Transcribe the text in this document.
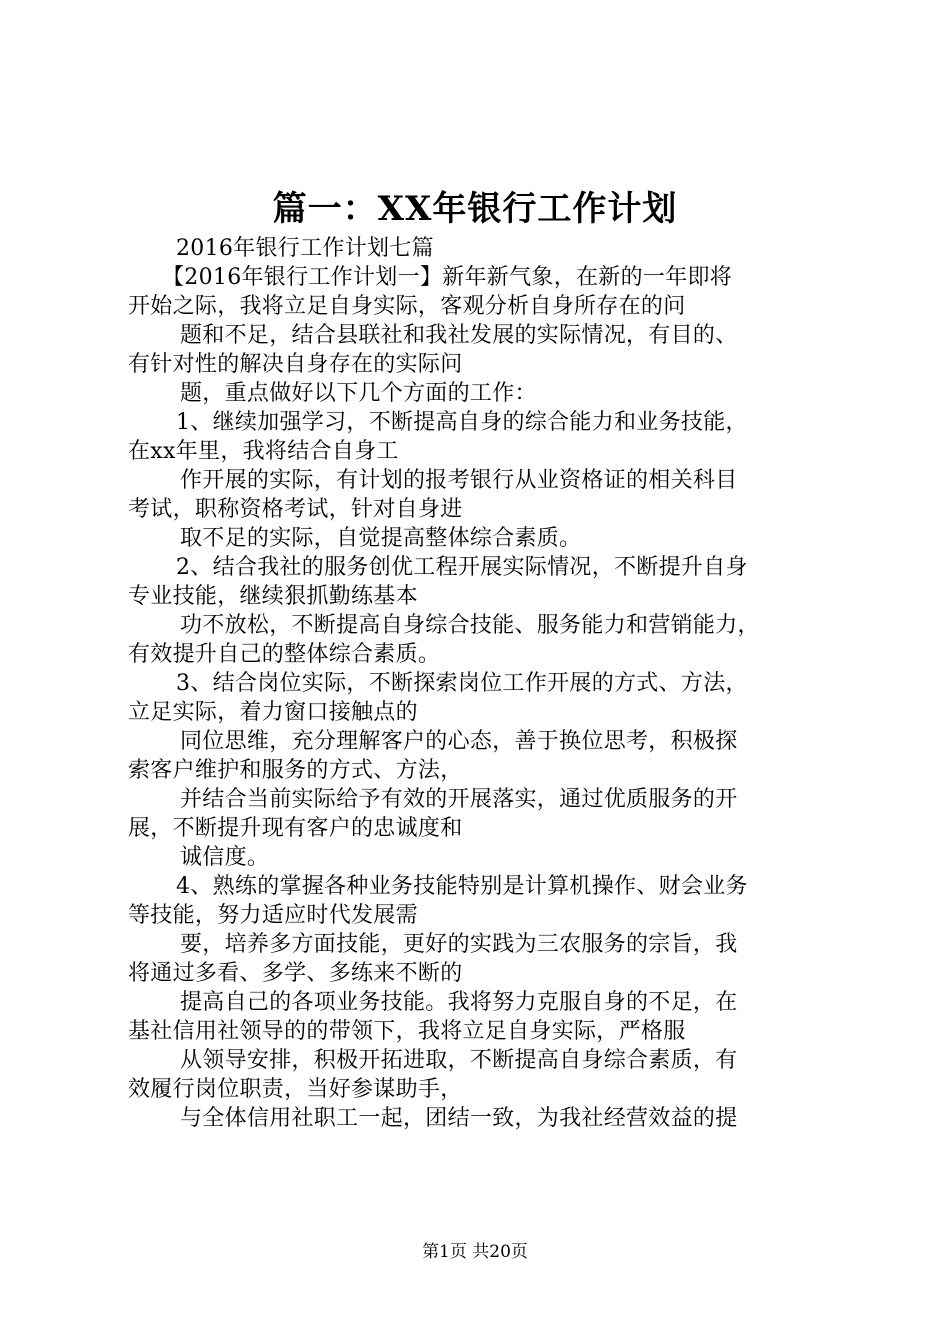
篇一：XX年银行工作计划
2016年银行工作计划七篇
【2016年银行工作计划一】新年新气象，在新的一年即将
开始之际，我将立足自身实际，客观分析自身所存在的问
题和不足，结合县联社和我社发展的实际情况，有目的、
有针对性的解决自身存在的实际问
题，重点做好以下几个方面的工作：
1、继续加强学习，不断提高自身的综合能力和业务技能，
在xx年里，我将结合自身工
作开展的实际，有计划的报考银行从业资格证的相关科目
考试，职称资格考试，针对自身进
取不足的实际，自觉提高整体综合素质。
2、结合我社的服务创优工程开展实际情况，不断提升自身
专业技能，继续狠抓勤练基本
功不放松，不断提高自身综合技能、服务能力和营销能力，
有效提升自己的整体综合素质。
3、结合岗位实际，不断探索岗位工作开展的方式、方法，
立足实际，着力窗口接触点的
同位思维，充分理解客户的心态，善于换位思考，积极探
索客户维护和服务的方式、方法，
并结合当前实际给予有效的开展落实，通过优质服务的开
展，不断提升现有客户的忠诚度和
诚信度。
4、熟练的掌握各种业务技能特别是计算机操作、财会业务
等技能，努力适应时代发展需
要，培养多方面技能，更好的实践为三农服务的宗旨，我
将通过多看、多学、多练来不断的
提高自己的各项业务技能。我将努力克服自身的不足，在
基社信用社领导的的带领下，我将立足自身实际，严格服
从领导安排，积极开拓进取，不断提高自身综合素质，有
效履行岗位职责，当好参谋助手，
与全体信用社职工一起，团结一致，为我社经营效益的提
第1页 共20页
